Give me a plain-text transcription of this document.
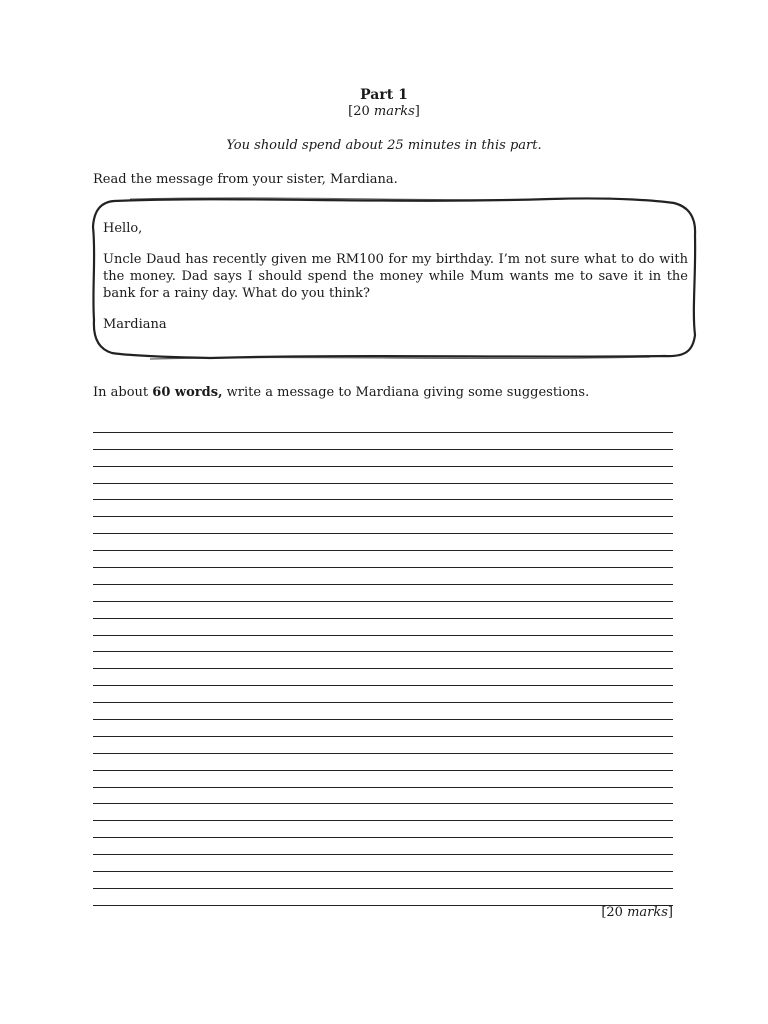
Part 1
[20 marks]
You should spend about 25 minutes in this part.
Read the message from your sister, Mardiana.

Hello,

Uncle Daud has recently given me RM100 for my birthday. I’m not sure what to do with the money. Dad says I should spend the money while Mum wants me to save it in the bank for a rainy day. What do you think?

Mardiana

In about 60 words, write a message to Mardiana giving some suggestions.
[20 marks]
